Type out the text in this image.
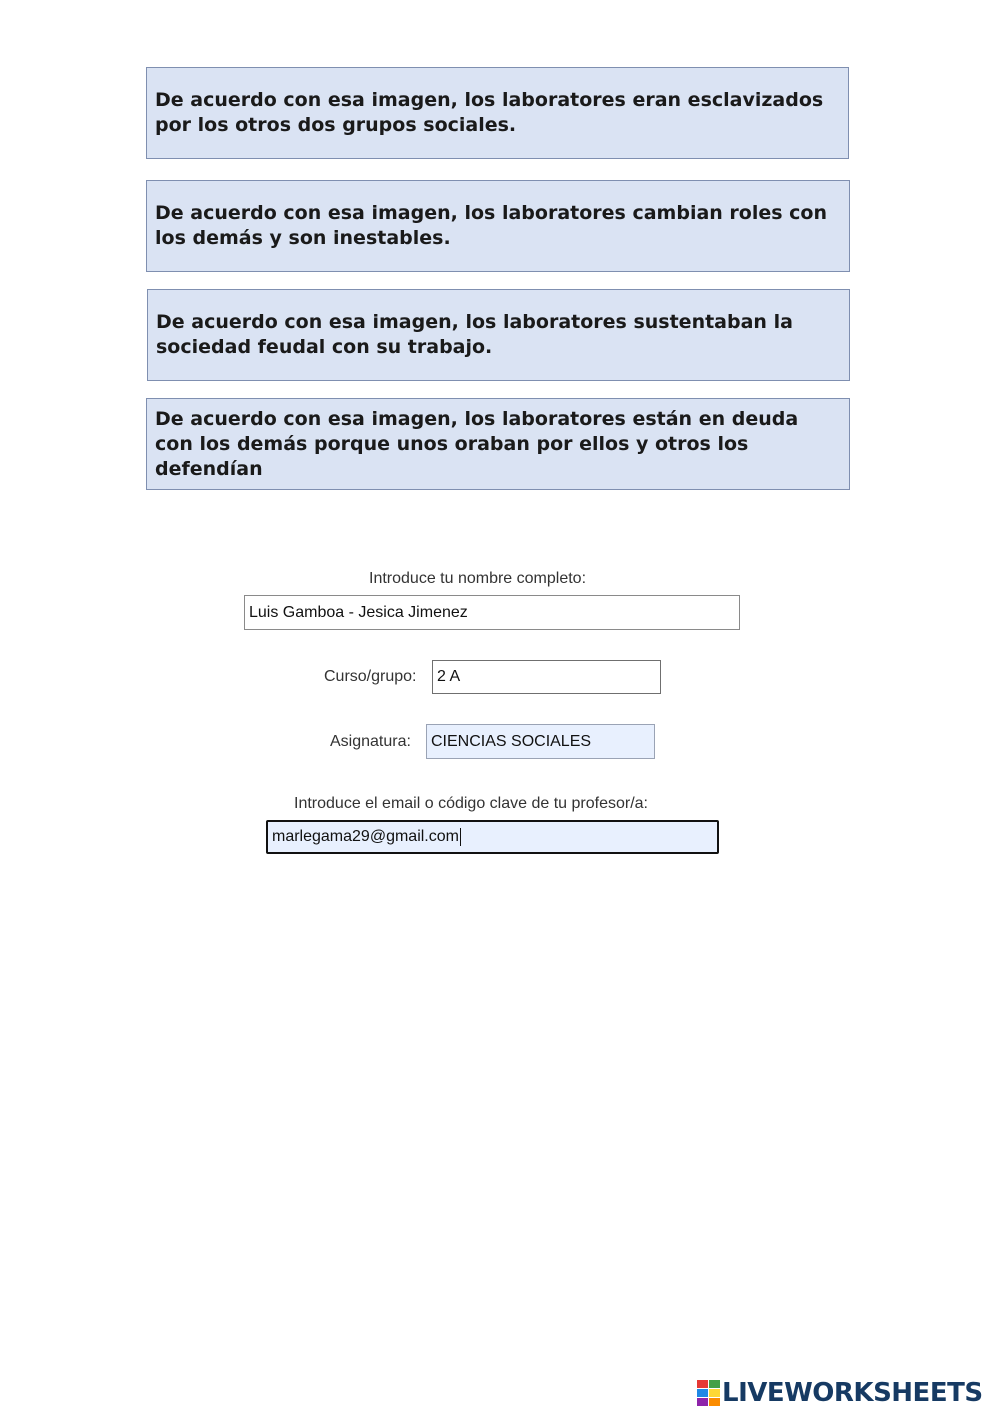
De acuerdo con esa imagen, los laboratores eran esclavizados por los otros dos grupos sociales.
De acuerdo con esa imagen, los laboratores cambian roles con los demás y son inestables.
De acuerdo con esa imagen, los laboratores sustentaban la sociedad feudal con su trabajo.
De acuerdo con esa imagen, los laboratores están en deuda con los demás porque unos oraban por ellos y otros los defendían
Introduce tu nombre completo:
Luis Gamboa - Jesica Jimenez
Curso/grupo: 2 A
Asignatura: CIENCIAS SOCIALES
Introduce el email o código clave de tu profesor/a:
marlegama29@gmail.com
LIVEWORKSHEETS
